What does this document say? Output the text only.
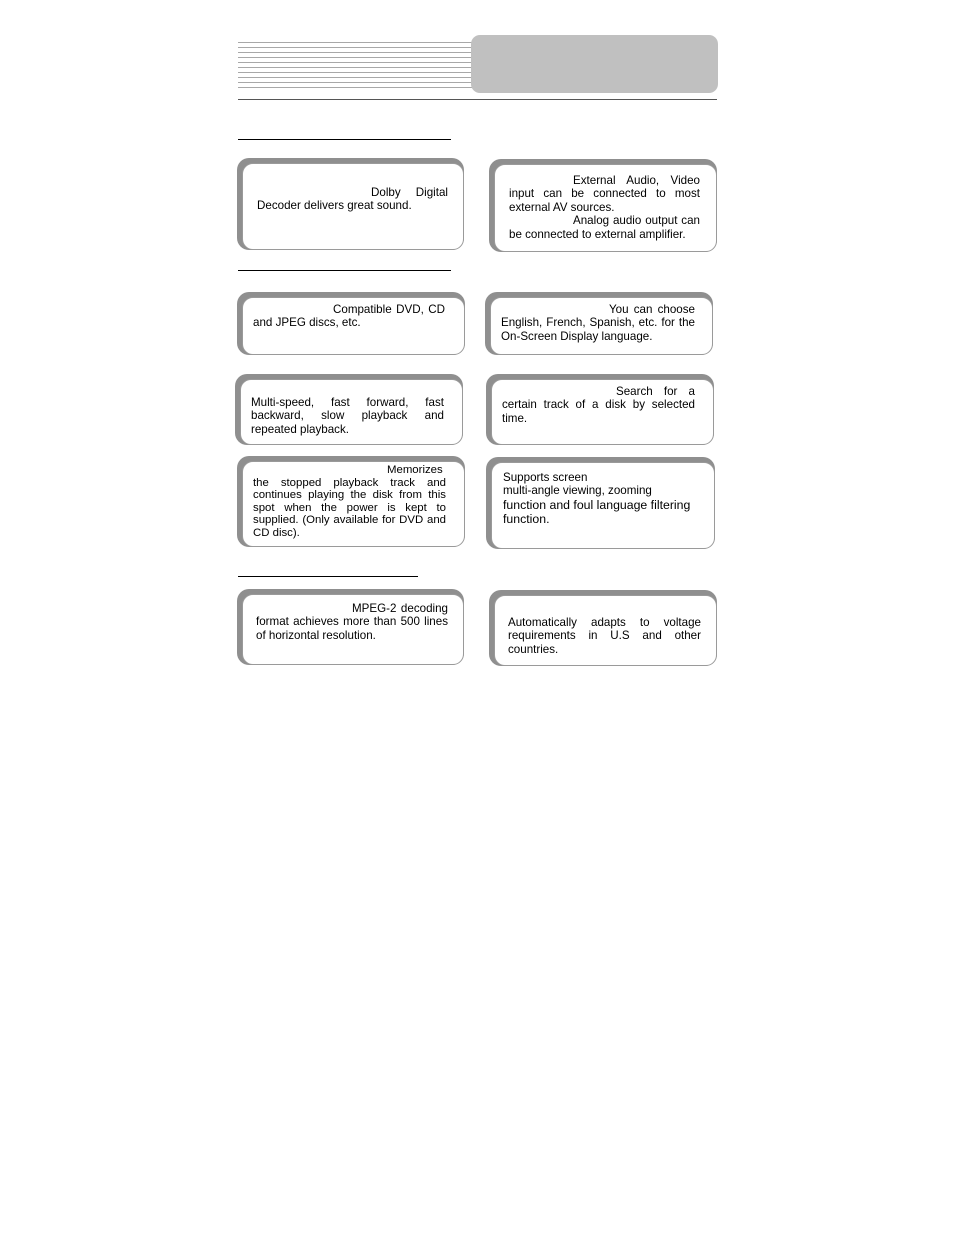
Dolby Digital Decoder delivers great sound.

External Audio, Video input can be connected to most external AV sources.

Analog audio output can be connected to external amplifier.

Compatible DVD, CD and JPEG discs, etc.

You can choose English, French, Spanish, etc. for the On-Screen Display language.

Multi-speed, fast forward, fast backward, slow playback and repeated playback.

Search for a certain track of a disk by selected time.

Memorizes the stopped playback track and continues playing the disk from this spot when the power is kept to supplied. (Only available for DVD and CD disc).

Supports screen

multi-angle viewing, zooming

function and foul language filtering function.

MPEG-2 decoding format achieves more than 500 lines of horizontal resolution.

Automatically adapts to voltage requirements in U.S and other countries.
